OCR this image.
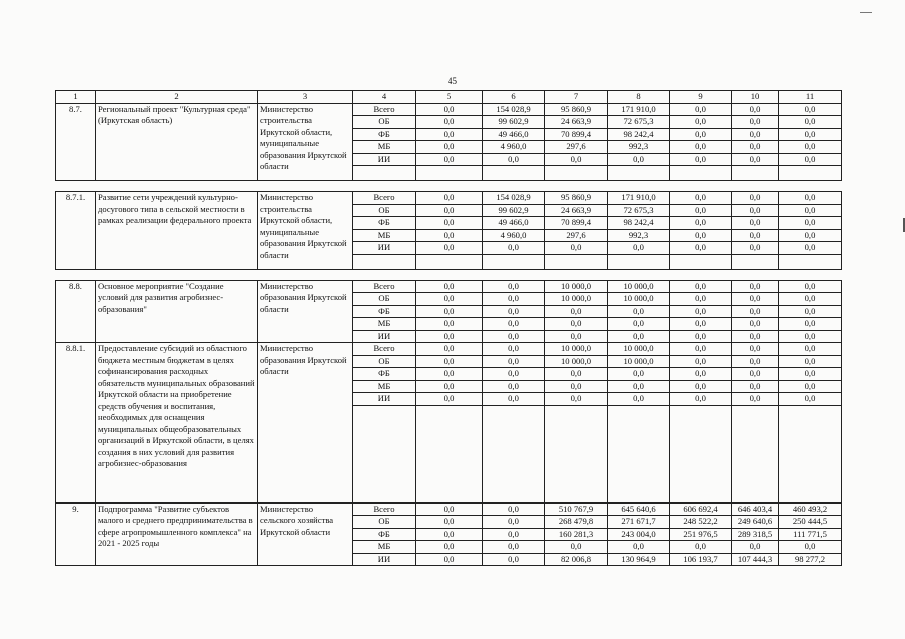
45
1	2	3	4	5	6	7	8	9	10	11
8.7.	Региональный проект "Культурная среда" (Иркутская область)	Министерство строительства Иркутской области, муниципальные образования Иркутской области	Всего	0,0	154 028,9	95 860,9	171 910,0	0,0	0,0	0,0
			ОБ	0,0	99 602,9	24 663,9	72 675,3	0,0	0,0	0,0
			ФБ	0,0	49 466,0	70 899,4	98 242,4	0,0	0,0	0,0
			МБ	0,0	4 960,0	297,6	992,3	0,0	0,0	0,0
			ИИ	0,0	0,0	0,0	0,0	0,0	0,0	0,0

8.7.1.	Развитие сети учреждений культурно-досугового типа в сельской местности в рамках реализации федерального проекта	Министерство строительства Иркутской области, муниципальные образования Иркутской области	Всего	0,0	154 028,9	95 860,9	171 910,0	0,0	0,0	0,0
			ОБ	0,0	99 602,9	24 663,9	72 675,3	0,0	0,0	0,0
			ФБ	0,0	49 466,0	70 899,4	98 242,4	0,0	0,0	0,0
			МБ	0,0	4 960,0	297,6	992,3	0,0	0,0	0,0
			ИИ	0,0	0,0	0,0	0,0	0,0	0,0	0,0

8.8.	Основное мероприятие "Создание условий для развития агробизнес-образования"	Министерство образования Иркутской области	Всего	0,0	0,0	10 000,0	10 000,0	0,0	0,0	0,0
			ОБ	0,0	0,0	10 000,0	10 000,0	0,0	0,0	0,0
			ФБ	0,0	0,0	0,0	0,0	0,0	0,0	0,0
			МБ	0,0	0,0	0,0	0,0	0,0	0,0	0,0
			ИИ	0,0	0,0	0,0	0,0	0,0	0,0	0,0
8.8.1.	Предоставление субсидий из областного бюджета местным бюджетам в целях софинансирования расходных обязательств муниципальных образований Иркутской области на приобретение средств обучения и воспитания, необходимых для оснащения муниципальных общеобразовательных организаций в Иркутской области, в целях создания в них условий для развития агробизнес-образования	Министерство образования Иркутской области	Всего	0,0	0,0	10 000,0	10 000,0	0,0	0,0	0,0
			ОБ	0,0	0,0	10 000,0	10 000,0	0,0	0,0	0,0
			ФБ	0,0	0,0	0,0	0,0	0,0	0,0	0,0
			МБ	0,0	0,0	0,0	0,0	0,0	0,0	0,0
			ИИ	0,0	0,0	0,0	0,0	0,0	0,0	0,0

9.	Подпрограмма "Развитие субъектов малого и среднего предпринимательства в сфере агропромышленного комплекса" на 2021 - 2025 годы	Министерство сельского хозяйства Иркутской области	Всего	0,0	0,0	510 767,9	645 640,6	606 692,4	646 403,4	460 493,2
			ОБ	0,0	0,0	268 479,8	271 671,7	248 522,2	249 640,6	250 444,5
			ФБ	0,0	0,0	160 281,3	243 004,0	251 976,5	289 318,5	111 771,5
			МБ	0,0	0,0	0,0	0,0	0,0	0,0	0,0
			ИИ	0,0	0,0	82 006,8	130 964,9	106 193,7	107 444,3	98 277,2
